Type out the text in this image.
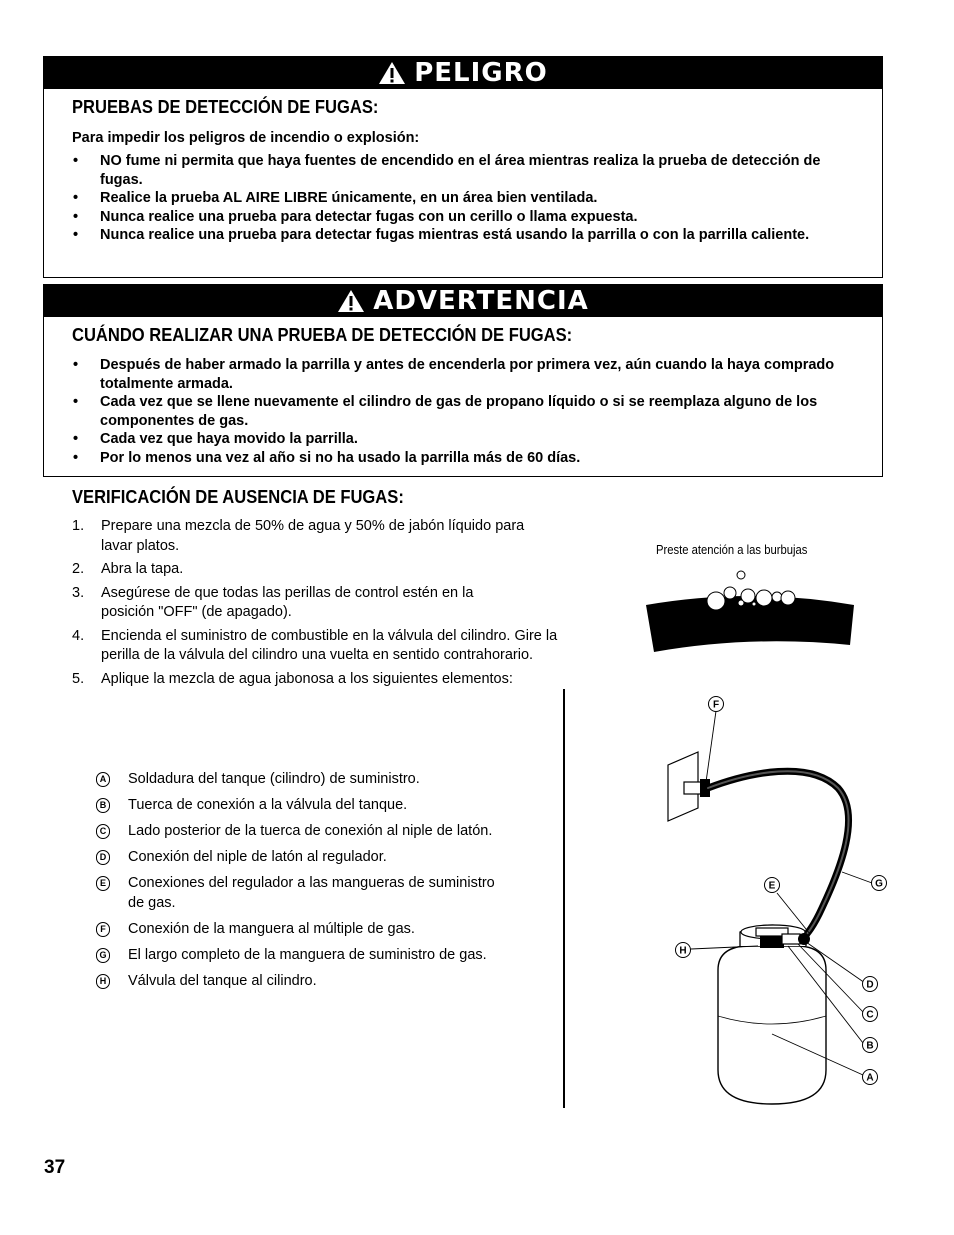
PELIGRO
PRUEBAS DE DETECCIÓN DE FUGAS:
Para impedir los peligros de incendio o explosión:
• NO fume ni permita que haya fuentes de encendido en el área mientras realiza la prueba de detección de fugas.
• Realice la prueba AL AIRE LIBRE únicamente, en un área bien ventilada.
• Nunca realice una prueba para detectar fugas con un cerillo o llama expuesta.
• Nunca realice una prueba para detectar fugas mientras está usando la parrilla o con la parrilla caliente.
ADVERTENCIA
CUÁNDO REALIZAR UNA PRUEBA DE DETECCIÓN DE FUGAS:
• Después de haber armado la parrilla y antes de encenderla por primera vez, aún cuando la haya comprado totalmente armada.
• Cada vez que se llene nuevamente el cilindro de gas de propano líquido o si se reemplaza alguno de los componentes de gas.
• Cada vez que haya movido la parrilla.
• Por lo menos una vez al año si no ha usado la parrilla más de 60 días.
VERIFICACIÓN DE AUSENCIA DE FUGAS:
1. Prepare una mezcla de 50% de agua y 50% de jabón líquido para lavar platos.
2. Abra la tapa.
3. Asegúrese de que todas las perillas de control estén en la posición "OFF" (de apagado).
4. Encienda el suministro de combustible en la válvula del cilindro. Gire la perilla de la válvula del cilindro una vuelta en sentido contrahorario.
5. Aplique la mezcla de agua jabonosa a los siguientes elementos:
A Soldadura del tanque (cilindro) de suministro.
B Tuerca de conexión a la válvula del tanque.
C Lado posterior de la tuerca de conexión al niple de latón.
D Conexión del niple de latón al regulador.
E Conexiones del regulador a las mangueras de suministro de gas.
F Conexión de la manguera al múltiple de gas.
G El largo completo de la manguera de suministro de gas.
H Válvula del tanque al cilindro.
Preste atención a las burbujas
F
E	G
H
D
C
B
A
37
